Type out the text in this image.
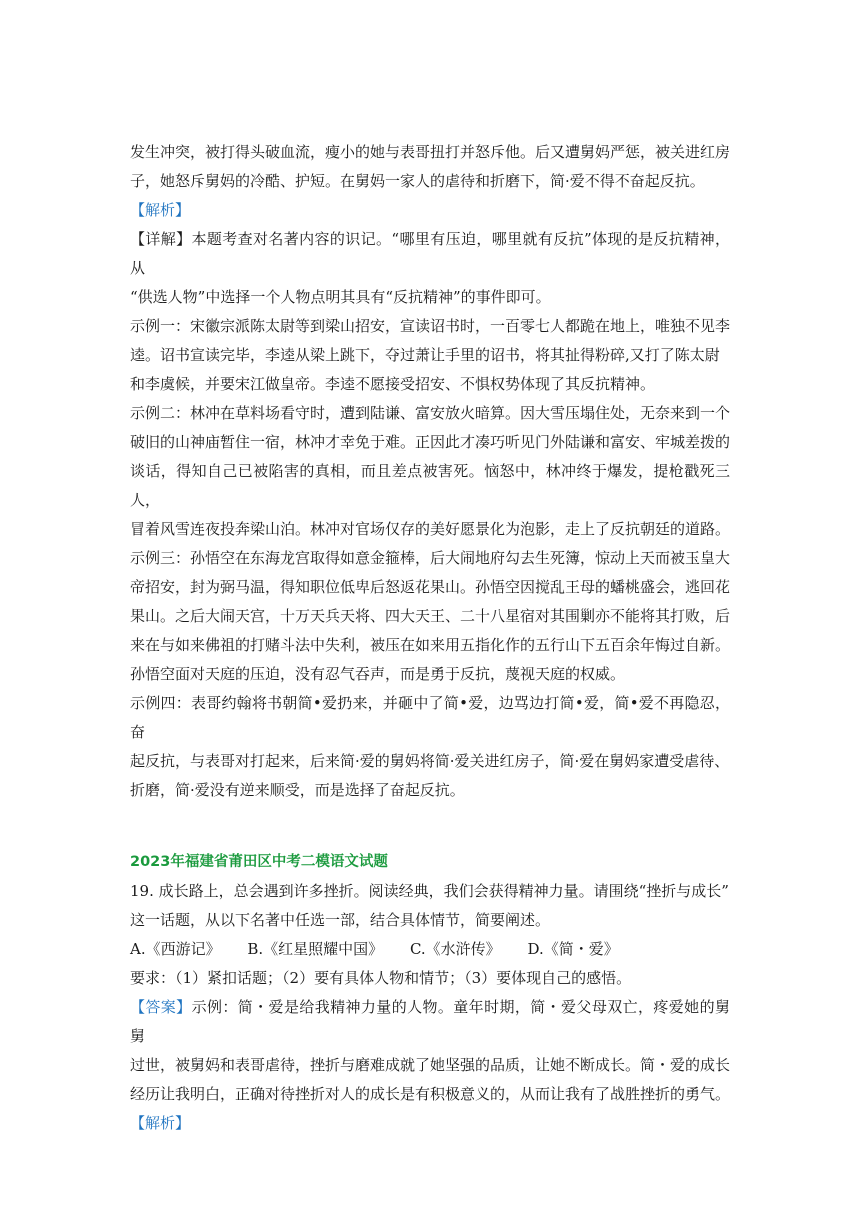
发生冲突，被打得头破血流，瘦小的她与表哥扭打并怒斥他。后又遭舅妈严惩，被关进红房

子，她怒斥舅妈的冷酷、护短。在舅妈一家人的虐待和折磨下，简·爱不得不奋起反抗。

【解析】

【详解】本题考查对名著内容的识记。“哪里有压迫，哪里就有反抗”体现的是反抗精神，从

“供选人物”中选择一个人物点明其具有“反抗精神”的事件即可。

示例一：宋徽宗派陈太尉等到梁山招安，宣读诏书时，一百零七人都跪在地上，唯独不见李

逵。诏书宣读完毕，李逵从梁上跳下，夺过萧让手里的诏书，将其扯得粉碎,又打了陈太尉

和李虞候，并要宋江做皇帝。李逵不愿接受招安、不惧权势体现了其反抗精神。

示例二：林冲在草料场看守时，遭到陆谦、富安放火暗算。因大雪压塌住处，无奈来到一个

破旧的山神庙暂住一宿，林冲才幸免于难。正因此才凑巧听见门外陆谦和富安、牢城差拨的

谈话，得知自己已被陷害的真相，而且差点被害死。恼怒中，林冲终于爆发，提枪戳死三人，

冒着风雪连夜投奔梁山泊。林冲对官场仅存的美好愿景化为泡影，走上了反抗朝廷的道路。

示例三：孙悟空在东海龙宫取得如意金箍棒，后大闹地府勾去生死簿，惊动上天而被玉皇大

帝招安，封为弼马温，得知职位低卑后怒返花果山。孙悟空因搅乱王母的蟠桃盛会，逃回花

果山。之后大闹天宫，十万天兵天将、四大天王、二十八星宿对其围剿亦不能将其打败，后

来在与如来佛祖的打赌斗法中失利，被压在如来用五指化作的五行山下五百余年悔过自新。

孙悟空面对天庭的压迫，没有忍气吞声，而是勇于反抗，蔑视天庭的权威。

示例四：表哥约翰将书朝简•爱扔来，并砸中了简•爱，边骂边打简•爱，简•爱不再隐忍，奋

起反抗，与表哥对打起来，后来简·爱的舅妈将简·爱关进红房子，简·爱在舅妈家遭受虐待、

折磨，简·爱没有逆来顺受，而是选择了奋起反抗。

2023年福建省莆田区中考二模语文试题

19. 成长路上，总会遇到许多挫折。阅读经典，我们会获得精神力量。请围绕“挫折与成长”

这一话题，从以下名著中任选一部，结合具体情节，简要阐述。

A.《西游记》 B.《红星照耀中国》 C.《水浒传》 D.《简・爱》

要求：（1）紧扣话题；（2）要有具体人物和情节；（3）要体现自己的感悟。

【答案】示例：简・爱是给我精神力量的人物。童年时期，简・爱父母双亡，疼爱她的舅舅

过世，被舅妈和表哥虐待，挫折与磨难成就了她坚强的品质，让她不断成长。简・爱的成长

经历让我明白，正确对待挫折对人的成长是有积极意义的，从而让我有了战胜挫折的勇气。

【解析】
